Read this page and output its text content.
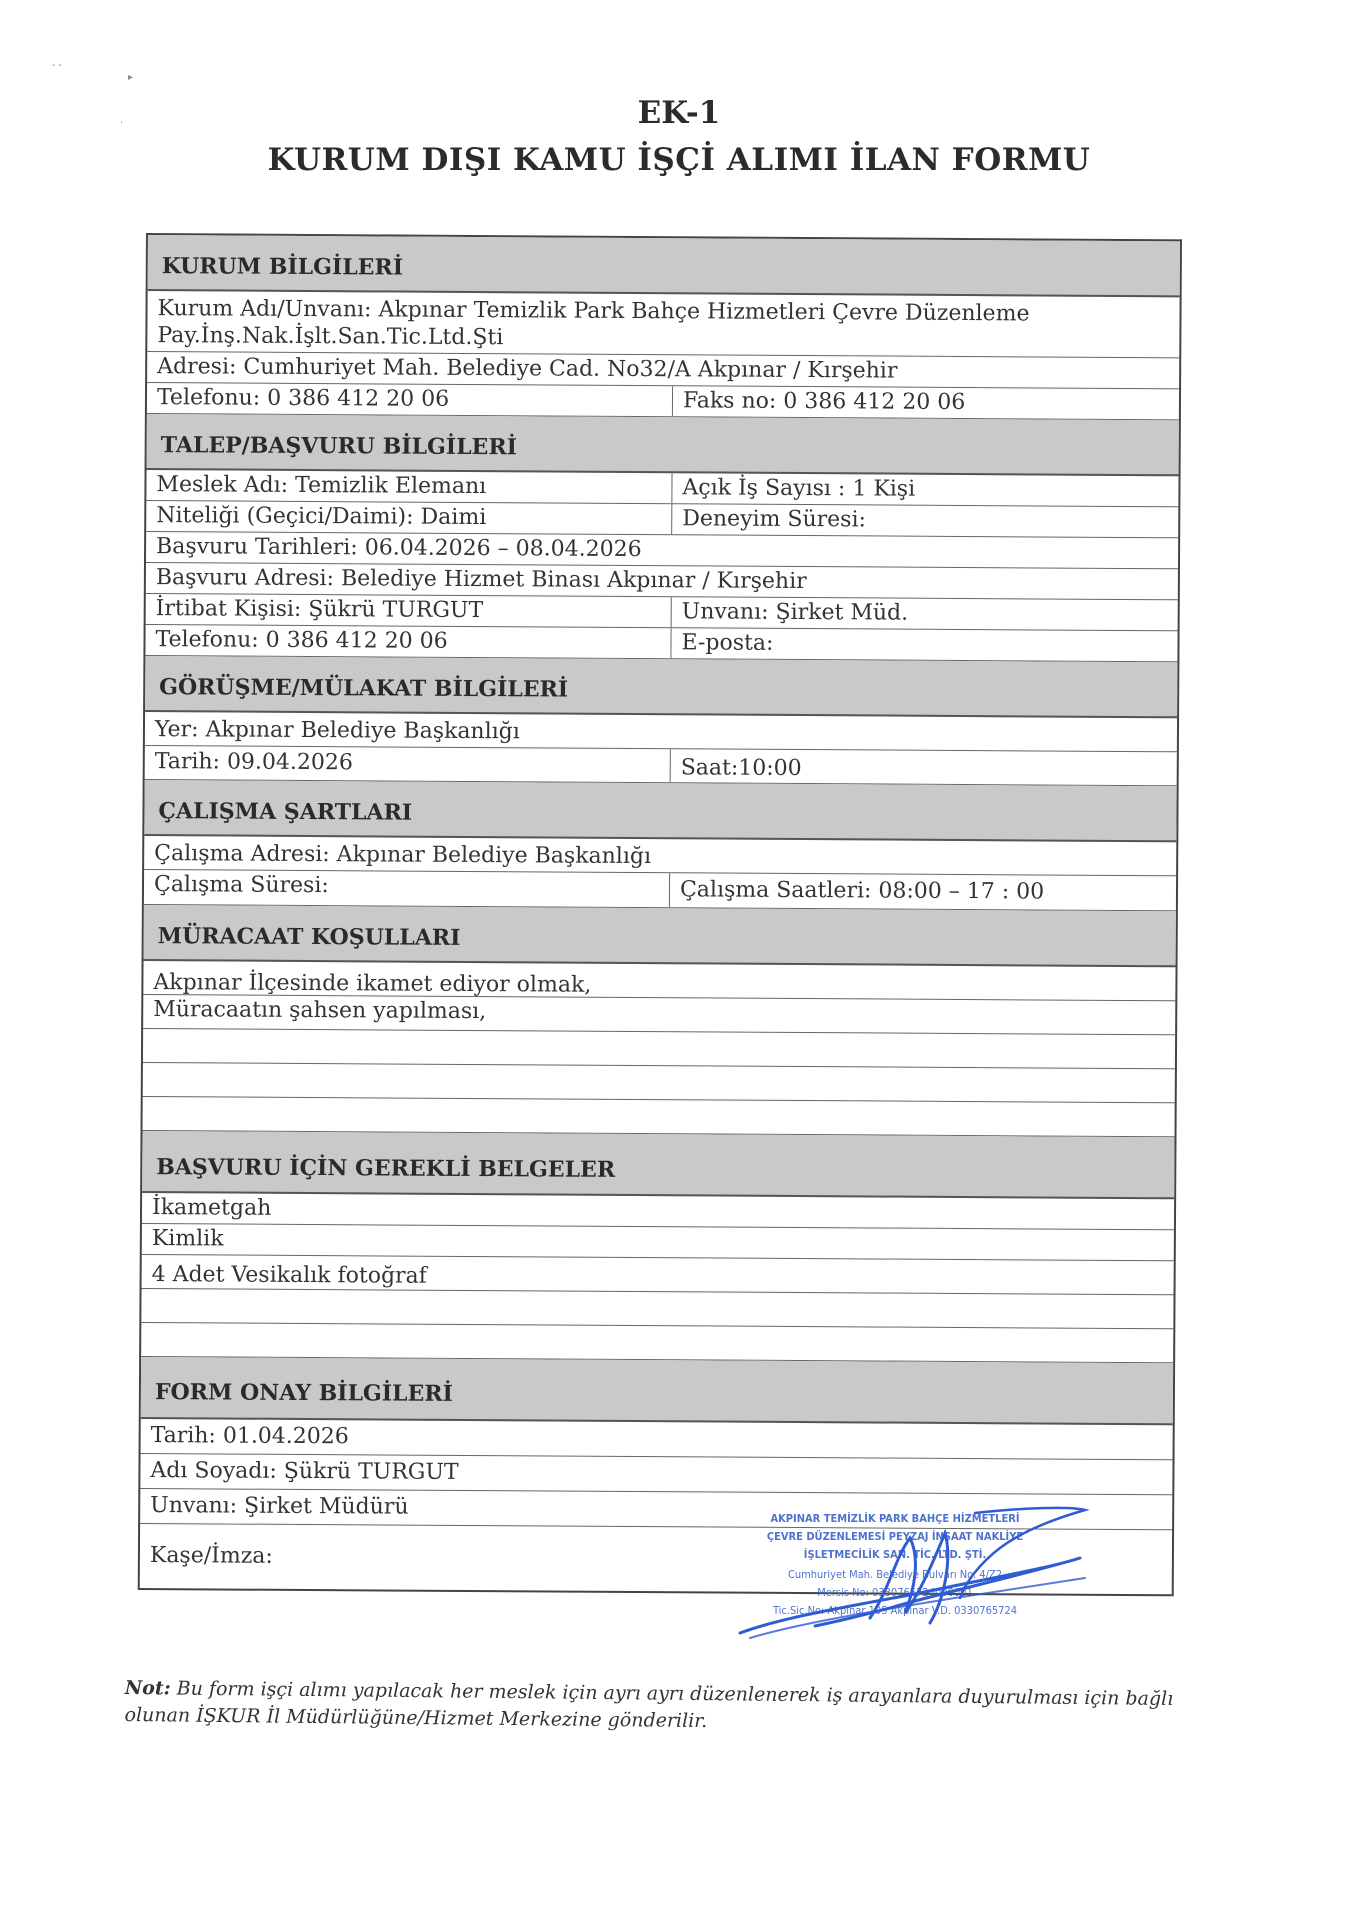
- -
▸
·	EK-1
KURUM DIŞI KAMU İŞÇİ ALIMI İLAN FORMU
KURUM BİLGİLERİ
Kurum Adı/Unvanı: Akpınar Temizlik Park Bahçe Hizmetleri Çevre Düzenleme Pay.İnş.Nak.İşlt.San.Tic.Ltd.Şti
Adresi: Cumhuriyet Mah. Belediye Cad. No32/A Akpınar / Kırşehir
Telefonu: 0 386 412 20 06	Faks no: 0 386 412 20 06
TALEP/BAŞVURU BİLGİLERİ
Meslek Adı: Temizlik Elemanı	Açık İş Sayısı : 1 Kişi
Niteliği (Geçici/Daimi): Daimi	Deneyim Süresi:
Başvuru Tarihleri: 06.04.2026 – 08.04.2026
Başvuru Adresi: Belediye Hizmet Binası Akpınar / Kırşehir
İrtibat Kişisi: Şükrü TURGUT	Unvanı: Şirket Müd.
Telefonu: 0 386 412 20 06	E-posta:
GÖRÜŞME/MÜLAKAT BİLGİLERİ
Yer: Akpınar Belediye Başkanlığı
Tarih: 09.04.2026	Saat:10:00
ÇALIŞMA ŞARTLARI
Çalışma Adresi: Akpınar Belediye Başkanlığı
Çalışma Süresi:	Çalışma Saatleri: 08:00 – 17 : 00
MÜRACAAT KOŞULLARI
Akpınar İlçesinde ikamet ediyor olmak,
Müracaatın şahsen yapılması,
BAŞVURU İÇİN GEREKLİ BELGELER
İkametgah
Kimlik
4 Adet Vesikalık fotoğraf
FORM ONAY BİLGİLERİ
Tarih: 01.04.2026
Adı Soyadı: Şükrü TURGUT
Unvanı: Şirket Müdürü
Kaşe/İmza:
AKPINAR TEMİZLİK PARK BAHÇE HİZMETLERİ
ÇEVRE DÜZENLEMESİ PEYZAJ İNŞAAT NAKLİYE
İŞLETMECİLİK SAN. TİC. LTD. ŞTİ.
Cumhuriyet Mah. Belediye Bulvarı No. 4/Z2
Mersis No: 0330765724000001
Tic.Sic.No: Akpınar 105 Akpınar V.D. 0330765724
Not: Bu form işçi alımı yapılacak her meslek için ayrı ayrı düzenlenerek iş arayanlara duyurulması için bağlı olunan İŞKUR İl Müdürlüğüne/Hizmet Merkezine gönderilir.
